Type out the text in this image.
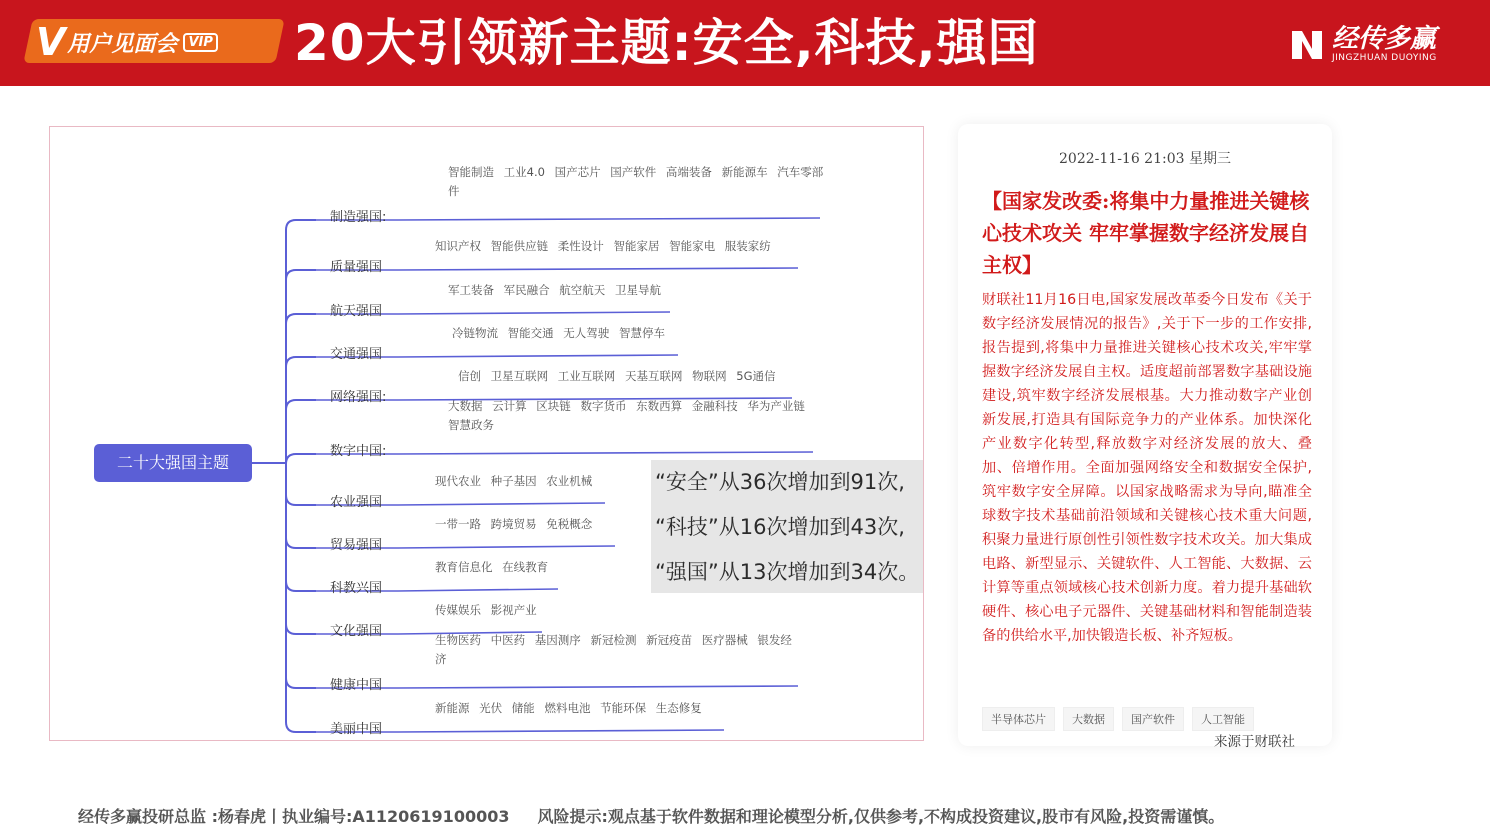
V 用户见面会 VIP 20大引领新主题:安全,科技,强国	经传多赢
JINGZHUAN DUOYING
二十大强国主题
制造强国:
智能制造 工业4.0 国产芯片 国产软件 高端装备 新能源车 汽车零部件
质量强国
知识产权 智能供应链 柔性设计 智能家居 智能家电 服装家纺
航天强国
军工装备 军民融合 航空航天 卫星导航
交通强国
冷链物流 智能交通 无人驾驶 智慧停车
网络强国:
信创 卫星互联网 工业互联网 天基互联网 物联网 5G通信
数字中国:
大数据 云计算 区块链 数字货币 东数西算 金融科技 华为产业链 智慧政务
农业强国
现代农业 种子基因 农业机械
贸易强国
一带一路 跨境贸易 免税概念
科教兴国
教育信息化 在线教育
文化强国
传媒娱乐 影视产业
健康中国
生物医药 中医药 基因测序 新冠检测 新冠疫苗 医疗器械 银发经济
美丽中国
新能源 光伏 储能 燃料电池 节能环保 生态修复
“安全”从36次增加到91次,
“科技”从16次增加到43次,
“强国”从13次增加到34次。
2022-11-16 21:03 星期三
【国家发改委:将集中力量推进关键核心技术攻关 牢牢掌握数字经济发展自主权】
财联社11月16日电,国家发展改革委今日发布《关于数字经济发展情况的报告》,关于下一步的工作安排,报告提到,将集中力量推进关键核心技术攻关,牢牢掌握数字经济发展自主权。适度超前部署数字基础设施建设,筑牢数字经济发展根基。大力推动数字产业创新发展,打造具有国际竞争力的产业体系。加快深化产业数字化转型,释放数字对经济发展的放大、叠加、倍增作用。全面加强网络安全和数据安全保护,筑牢数字安全屏障。以国家战略需求为导向,瞄准全球数字技术基础前沿领域和关键核心技术重大问题,积聚力量进行原创性引领性数字技术攻关。加大集成电路、新型显示、关键软件、人工智能、大数据、云计算等重点领域核心技术创新力度。着力提升基础软硬件、核心电子元器件、关键基础材料和智能制造装备的供给水平,加快锻造长板、补齐短板。
半导体芯片	大数据	国产软件	人工智能
来源于财联社
经传多赢投研总监 :杨春虎丨执业编号:A1120619100003 风险提示:观点基于软件数据和理论模型分析,仅供参考,不构成投资建议,股市有风险,投资需谨慎。
